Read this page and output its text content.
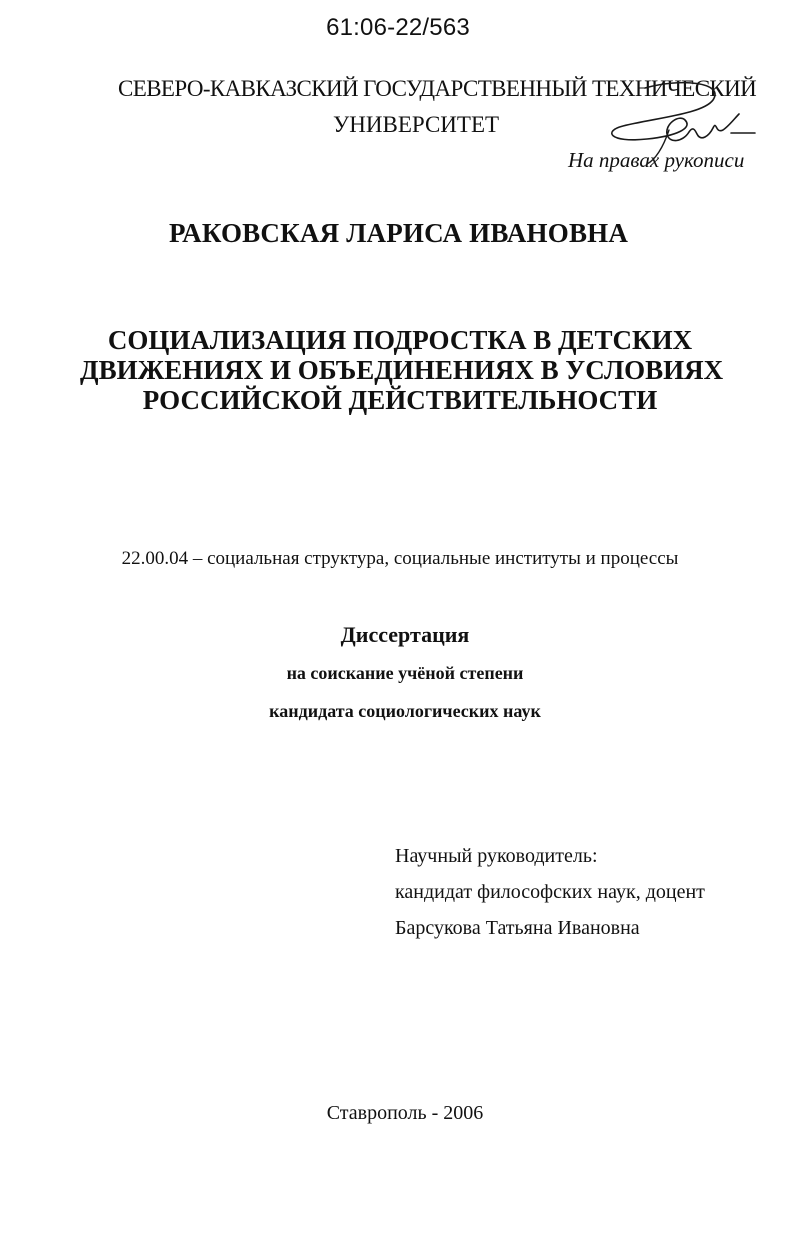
61:06-22/563
СЕВЕРО-КАВКАЗСКИЙ ГОСУДАРСТВЕННЫЙ ТЕХНИЧЕСКИЙ
УНИВЕРСИТЕТ
На правах рукописи
РАКОВСКАЯ ЛАРИСА ИВАНОВНА
СОЦИАЛИЗАЦИЯ ПОДРОСТКА В ДЕТСКИХ
ДВИЖЕНИЯХ И ОБЪЕДИНЕНИЯХ В УСЛОВИЯХ
РОССИЙСКОЙ ДЕЙСТВИТЕЛЬНОСТИ
22.00.04 – социальная структура, социальные институты и процессы
Диссертация
на соискание учёной степени
кандидата социологических наук
Научный руководитель:
кандидат философских наук, доцент
Барсукова Татьяна Ивановна
Ставрополь - 2006
